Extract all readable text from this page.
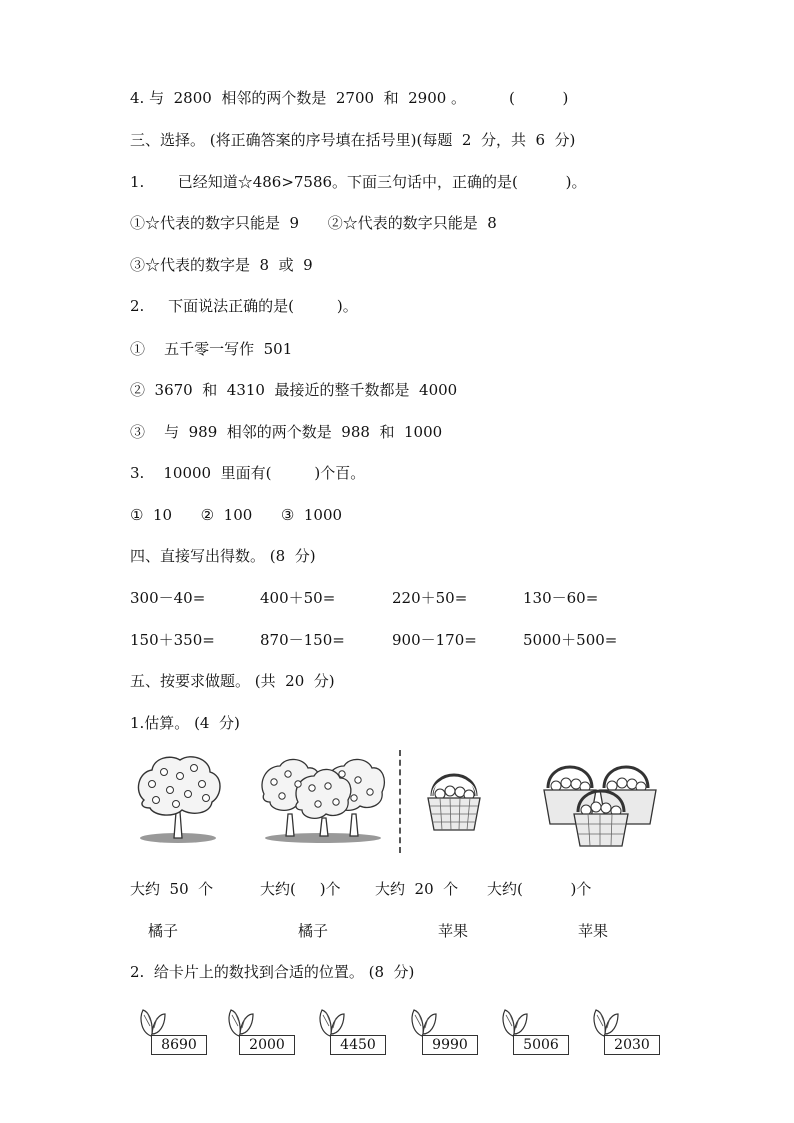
4. 与  2800  相邻的两个数是  2700  和  2900 。         (          )
三、选择。 (将正确答案的序号填在括号里)(每题  2  分，共  6  分)
1.       已经知道☆486>7586。下面三句话中，正确的是(          )。
①☆代表的数字只能是  9      ②☆代表的数字只能是  8
③☆代表的数字是  8  或  9
2.     下面说法正确的是(         )。
①    五千零一写作  501
②  3670  和  4310  最接近的整千数都是  4000
③    与  989  相邻的两个数是  988  和  1000
3.    10000  里面有(         )个百。
①  10      ②  100      ③  1000
四、直接写出得数。 (8  分)
300－40=	400＋50=	220＋50=	130－60=
150＋350=	870－150=	900－170=	5000＋500=
五、按要求做题。 (共  20  分)
1.估算。 (4  分)
大约  50  个	大约(     )个 大约  20  个 大约(          )个
橘子	橘子	苹果	苹果
2.  给卡片上的数找到合适的位置。 (8  分)
8690	2000	4450	9990	5006	2030
